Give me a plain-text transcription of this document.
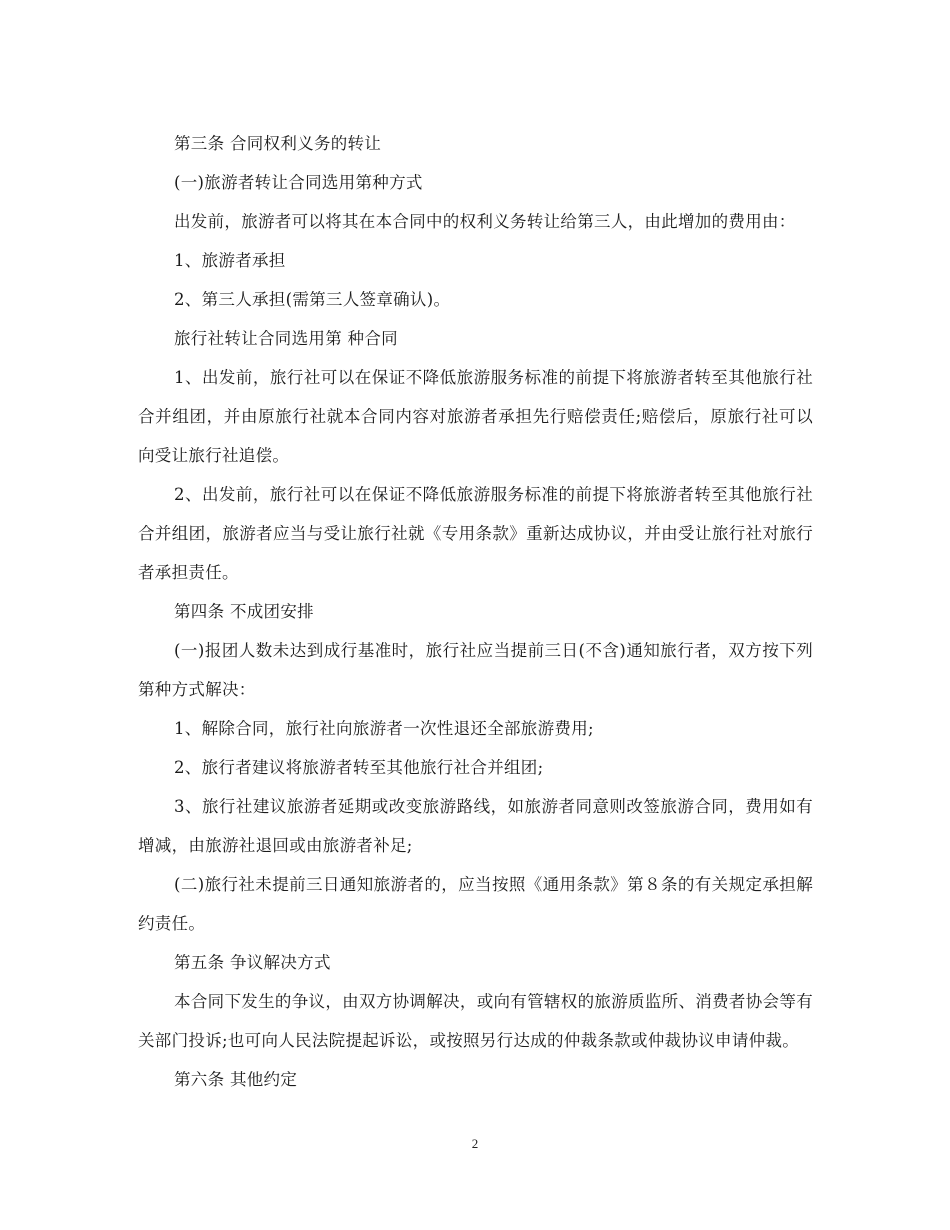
第三条 合同权利义务的转让

(一)旅游者转让合同选用第种方式

出发前，旅游者可以将其在本合同中的权利义务转让给第三人，由此增加的费用由：

1、旅游者承担

2、第三人承担(需第三人签章确认)。

旅行社转让合同选用第 种合同

1、出发前，旅行社可以在保证不降低旅游服务标准的前提下将旅游者转至其他旅行社合并组团，并由原旅行社就本合同内容对旅游者承担先行赔偿责任;赔偿后，原旅行社可以向受让旅行社追偿。

2、出发前，旅行社可以在保证不降低旅游服务标准的前提下将旅游者转至其他旅行社合并组团，旅游者应当与受让旅行社就《专用条款》重新达成协议，并由受让旅行社对旅行者承担责任。

第四条 不成团安排

(一)报团人数未达到成行基准时，旅行社应当提前三日(不含)通知旅行者，双方按下列第种方式解决：

1、解除合同，旅行社向旅游者一次性退还全部旅游费用;

2、旅行者建议将旅游者转至其他旅行社合并组团;

3、旅行社建议旅游者延期或改变旅游路线，如旅游者同意则改签旅游合同，费用如有增减，由旅游社退回或由旅游者补足;

(二)旅行社未提前三日通知旅游者的，应当按照《通用条款》第８条的有关规定承担解约责任。

第五条 争议解决方式

本合同下发生的争议，由双方协调解决，或向有管辖权的旅游质监所、消费者协会等有关部门投诉;也可向人民法院提起诉讼，或按照另行达成的仲裁条款或仲裁协议申请仲裁。

第六条 其他约定

2
